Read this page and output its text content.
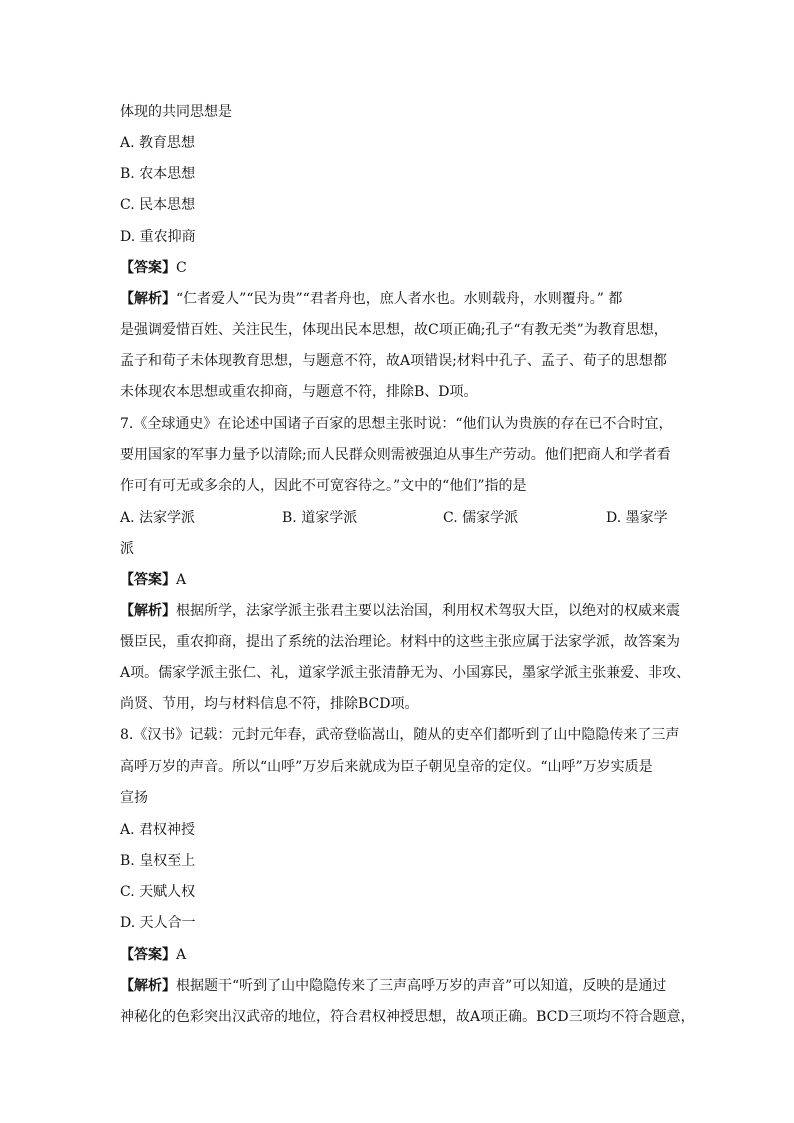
体现的共同思想是
A. 教育思想
B. 农本思想
C. 民本思想
D. 重农抑商
【答案】C
【解析】“仁者爱人”“民为贵”“君者舟也，庶人者水也。水则载舟，水则覆舟。” 都
是强调爱惜百姓、关注民生，体现出民本思想，故C项正确;孔子“有教无类”为教育思想，
孟子和荀子未体现教育思想，与题意不符，故A项错误;材料中孔子、孟子、荀子的思想都
未体现农本思想或重农抑商，与题意不符，排除B、D项。
7.《全球通史》在论述中国诸子百家的思想主张时说：“他们认为贵族的存在已不合时宜，
要用国家的军事力量予以清除;而人民群众则需被强迫从事生产劳动。他们把商人和学者看
作可有可无或多余的人，因此不可宽容待之。”文中的“他们”指的是
A. 法家学派	B. 道家学派	C. 儒家学派	D. 墨家学
派
【答案】A
【解析】根据所学，法家学派主张君主要以法治国，利用权术驾驭大臣，以绝对的权威来震
慑臣民，重农抑商，提出了系统的法治理论。材料中的这些主张应属于法家学派，故答案为
A项。儒家学派主张仁、礼，道家学派主张清静无为、小国寡民，墨家学派主张兼爱、非攻、
尚贤、节用，均与材料信息不符，排除BCD项。
8.《汉书》记载：元封元年春，武帝登临嵩山，随从的吏卒们都听到了山中隐隐传来了三声
高呼万岁的声音。所以“山呼”万岁后来就成为臣子朝见皇帝的定仪。“山呼”万岁实质是
宣扬
A. 君权神授
B. 皇权至上
C. 天赋人权
D. 天人合一
【答案】A
【解析】根据题干“听到了山中隐隐传来了三声高呼万岁的声音”可以知道，反映的是通过
神秘化的色彩突出汉武帝的地位，符合君权神授思想，故A项正确。BCD三项均不符合题意，
